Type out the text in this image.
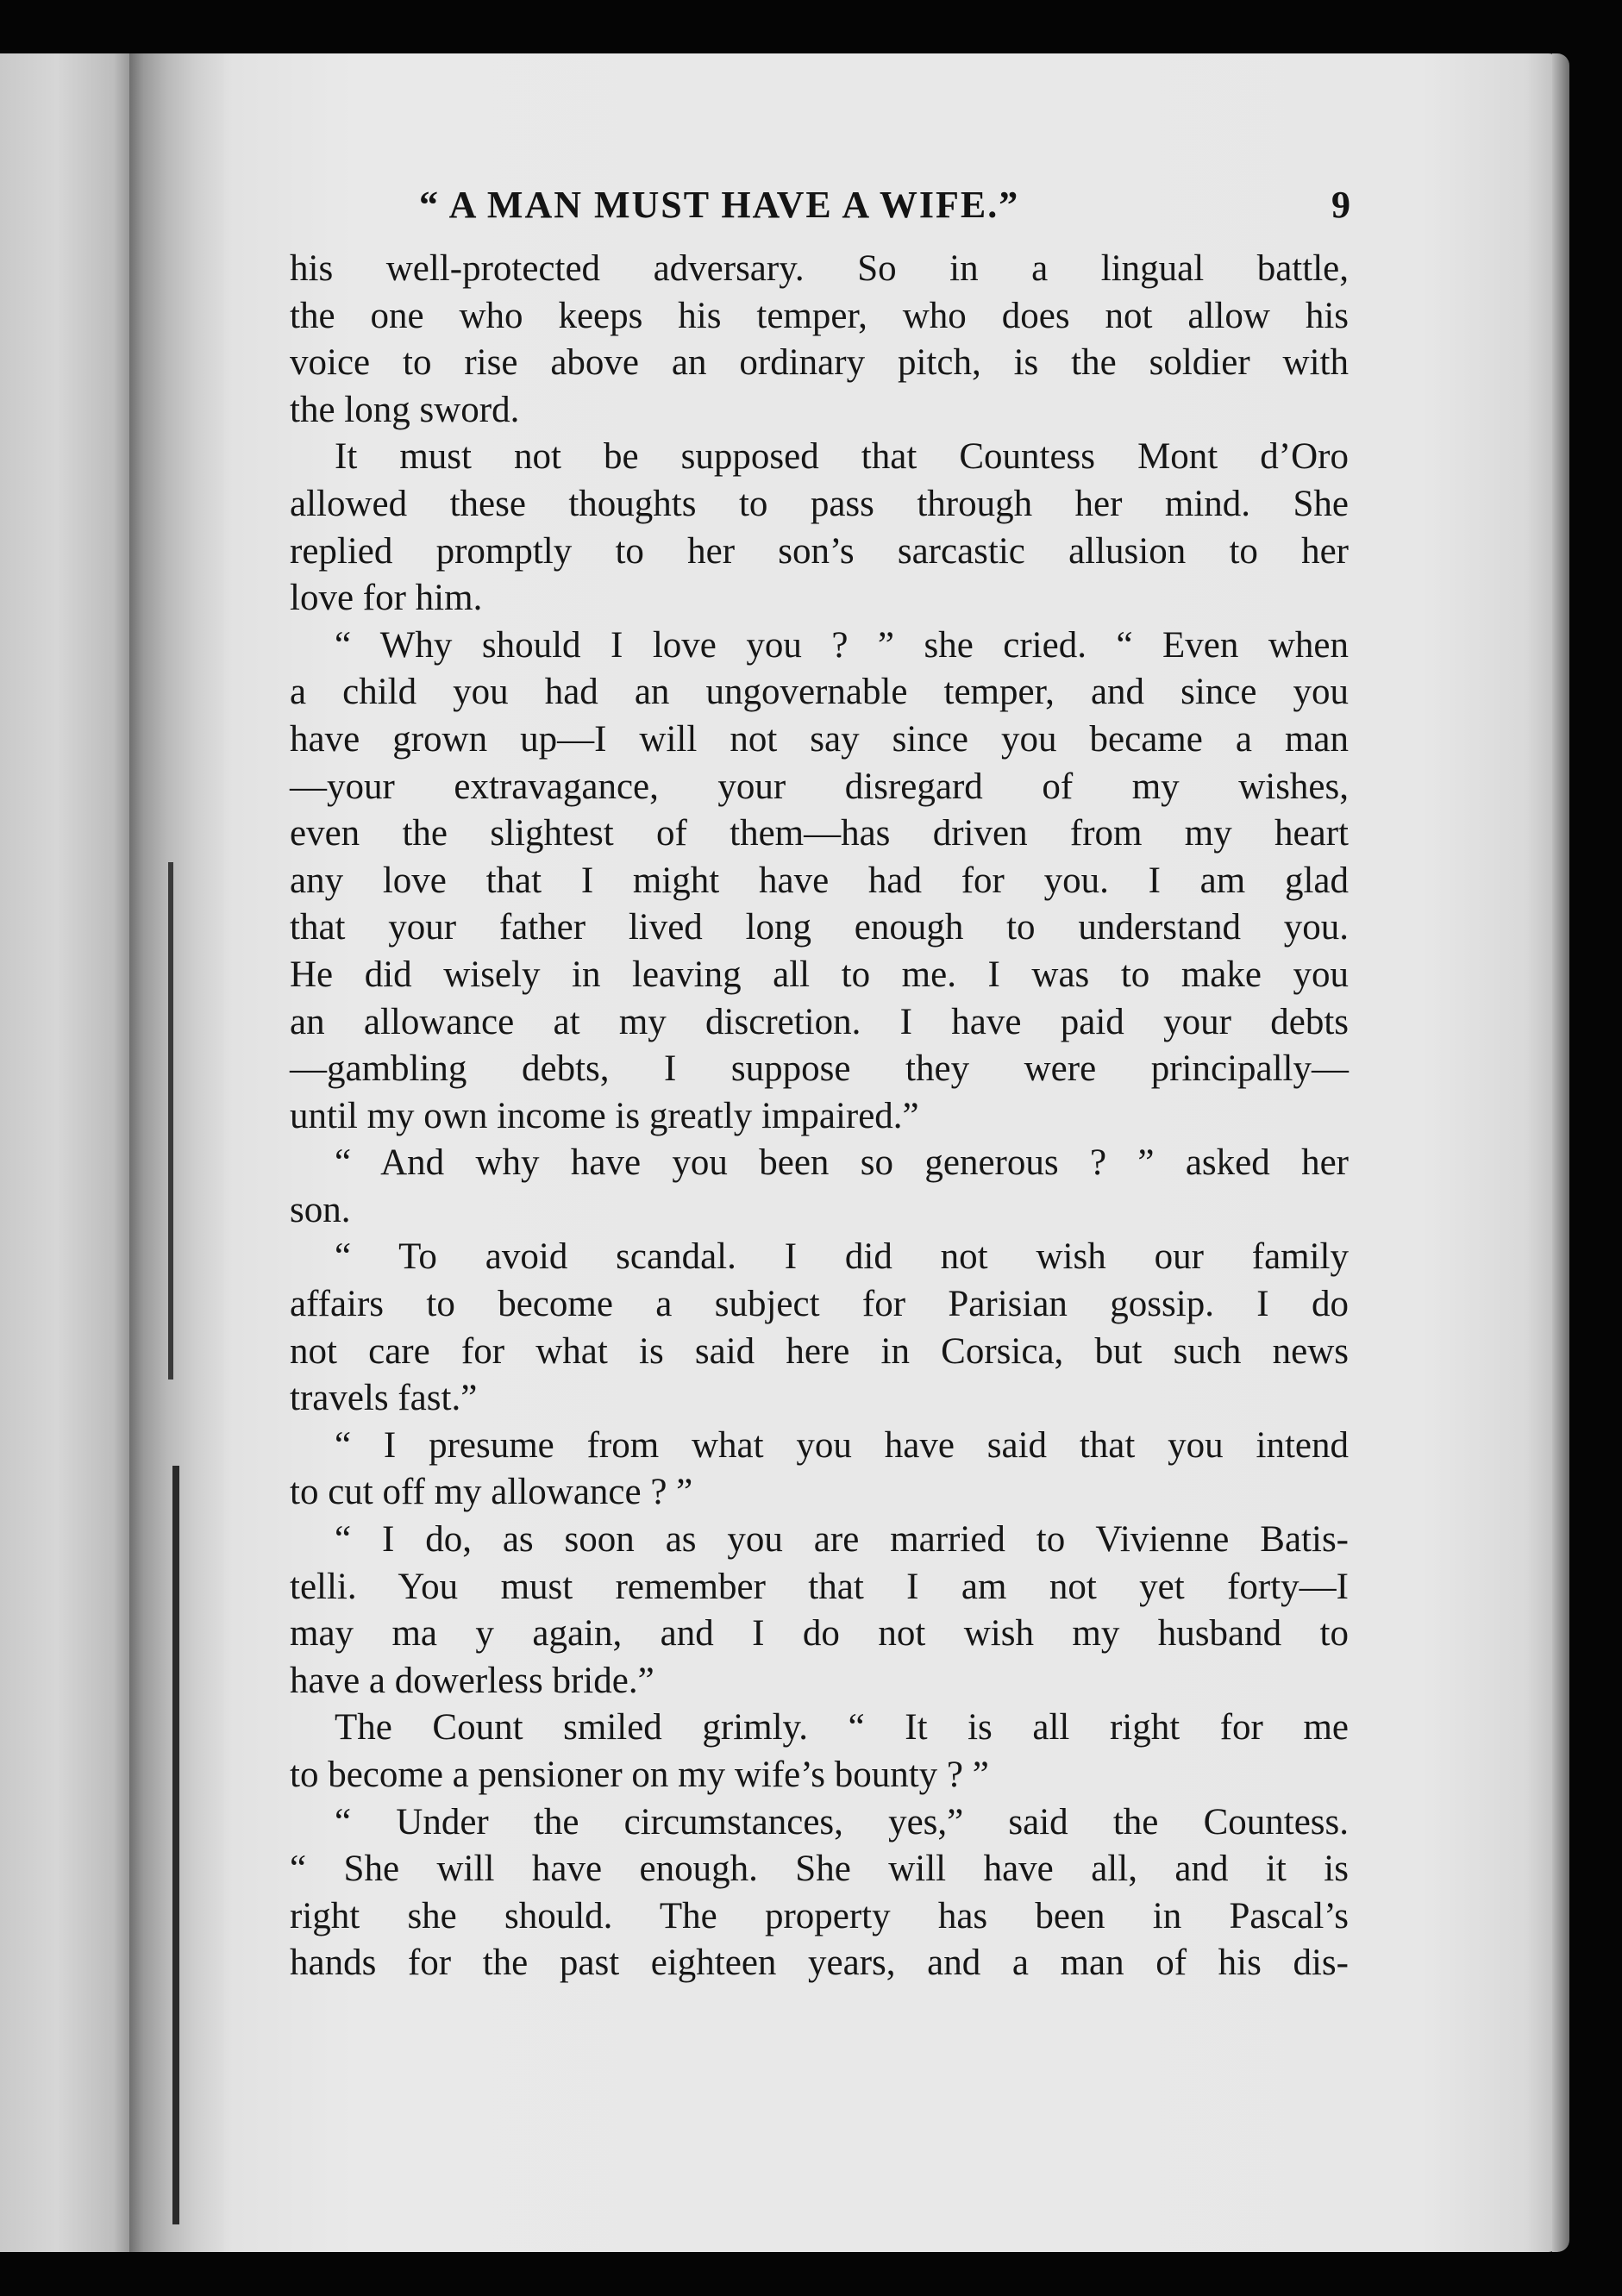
“ A MAN MUST HAVE A WIFE.”	9
his well-protected adversary. So in a lingual battle,
the one who keeps his temper, who does not allow his
voice to rise above an ordinary pitch, is the soldier with
the long sword.
It must not be supposed that Countess Mont d’Oro
allowed these thoughts to pass through her mind. She
replied promptly to her son’s sarcastic allusion to her
love for him.
“ Why should I love you ? ” she cried. “ Even when
a child you had an ungovernable temper, and since you
have grown up—I will not say since you became a man
—your extravagance, your disregard of my wishes,
even the slightest of them—has driven from my heart
any love that I might have had for you. I am glad
that your father lived long enough to understand you.
He did wisely in leaving all to me. I was to make you
an allowance at my discretion. I have paid your debts
—gambling debts, I suppose they were principally—
until my own income is greatly impaired.”
“ And why have you been so generous ? ” asked her
son.
“ To avoid scandal. I did not wish our family
affairs to become a subject for Parisian gossip. I do
not care for what is said here in Corsica, but such news
travels fast.”
“ I presume from what you have said that you intend
to cut off my allowance ? ”
“ I do, as soon as you are married to Vivienne Batis-
telli. You must remember that I am not yet forty—I
may ma y again, and I do not wish my husband to
have a dowerless bride.”
The Count smiled grimly. “ It is all right for me
to become a pensioner on my wife’s bounty ? ”
“ Under the circumstances, yes,” said the Countess.
“ She will have enough. She will have all, and it is
right she should. The property has been in Pascal’s
hands for the past eighteen years, and a man of his dis-
